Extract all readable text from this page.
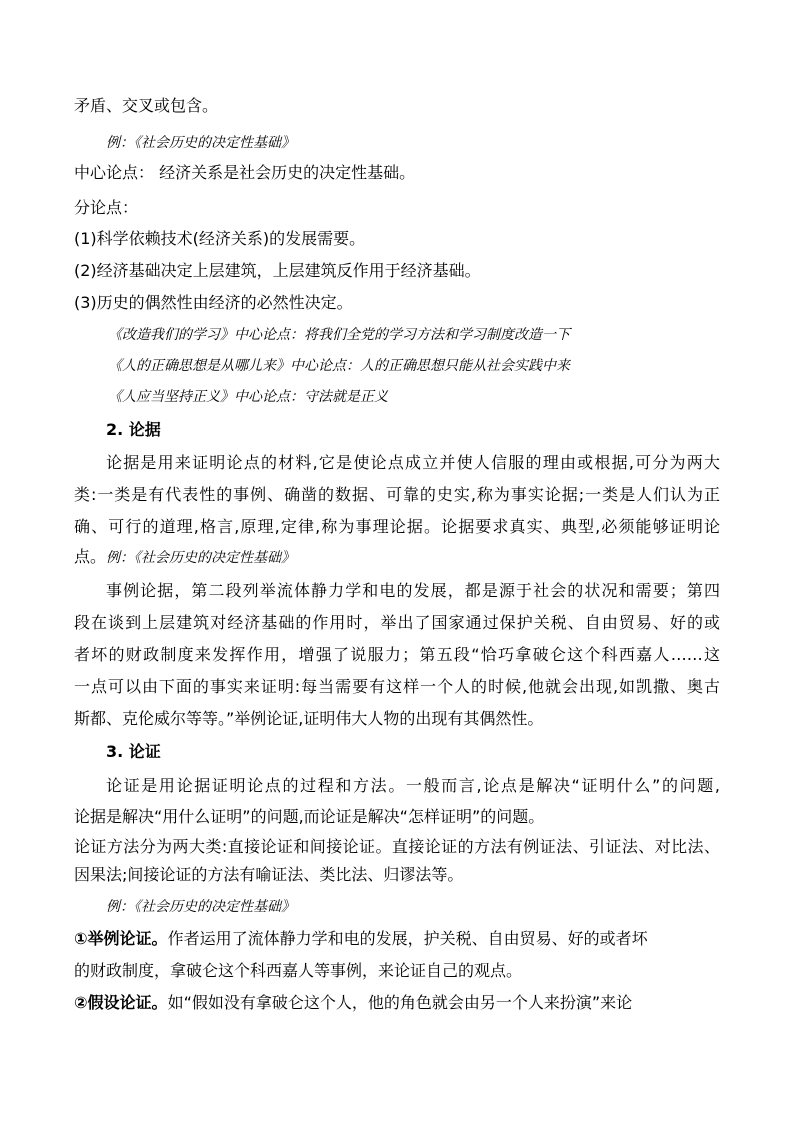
矛盾、交叉或包含。
例：《社会历史的决定性基础》
中心论点： 经济关系是社会历史的决定性基础。
分论点：
(1)科学依赖技术(经济关系)的发展需要。
(2)经济基础决定上层建筑，上层建筑反作用于经济基础。
(3)历史的偶然性由经济的必然性决定。
《改造我们的学习》中心论点：将我们全党的学习方法和学习制度改造一下
《人的正确思想是从哪儿来》中心论点：人的正确思想只能从社会实践中来
《人应当坚持正义》中心论点：守法就是正义
2. 论据
论据是用来证明论点的材料,它是使论点成立并使人信服的理由或根据,可分为两大
类:一类是有代表性的事例、确凿的数据、可靠的史实,称为事实论据;一类是人们认为正
确、可行的道理,格言,原理,定律,称为事理论据。论据要求真实、典型,必须能够证明论
点。例：《社会历史的决定性基础》
事例论据，第二段列举流体静力学和电的发展，都是源于社会的状况和需要；第四
段在谈到上层建筑对经济基础的作用时，举出了国家通过保护关税、自由贸易、好的或
者坏的财政制度来发挥作用，增强了说服力；第五段“恰巧拿破仑这个科西嘉人……这
一点可以由下面的事实来证明:每当需要有这样一个人的时候,他就会出现,如凯撒、奥古
斯都、克伦威尔等等。”举例论证,证明伟大人物的出现有其偶然性。
3. 论证
论证是用论据证明论点的过程和方法。一般而言,论点是解决“证明什么”的问题,
论据是解决“用什么证明”的问题,而论证是解决“怎样证明”的问题。
论证方法分为两大类:直接论证和间接论证。直接论证的方法有例证法、引证法、对比法、
因果法;间接论证的方法有喻证法、类比法、归谬法等。
例：《社会历史的决定性基础》
①举例论证。作者运用了流体静力学和电的发展，护关税、自由贸易、好的或者坏
的财政制度，拿破仑这个科西嘉人等事例，来论证自己的观点。
②假设论证。如“假如没有拿破仑这个人，他的角色就会由另一个人来扮演”来论
